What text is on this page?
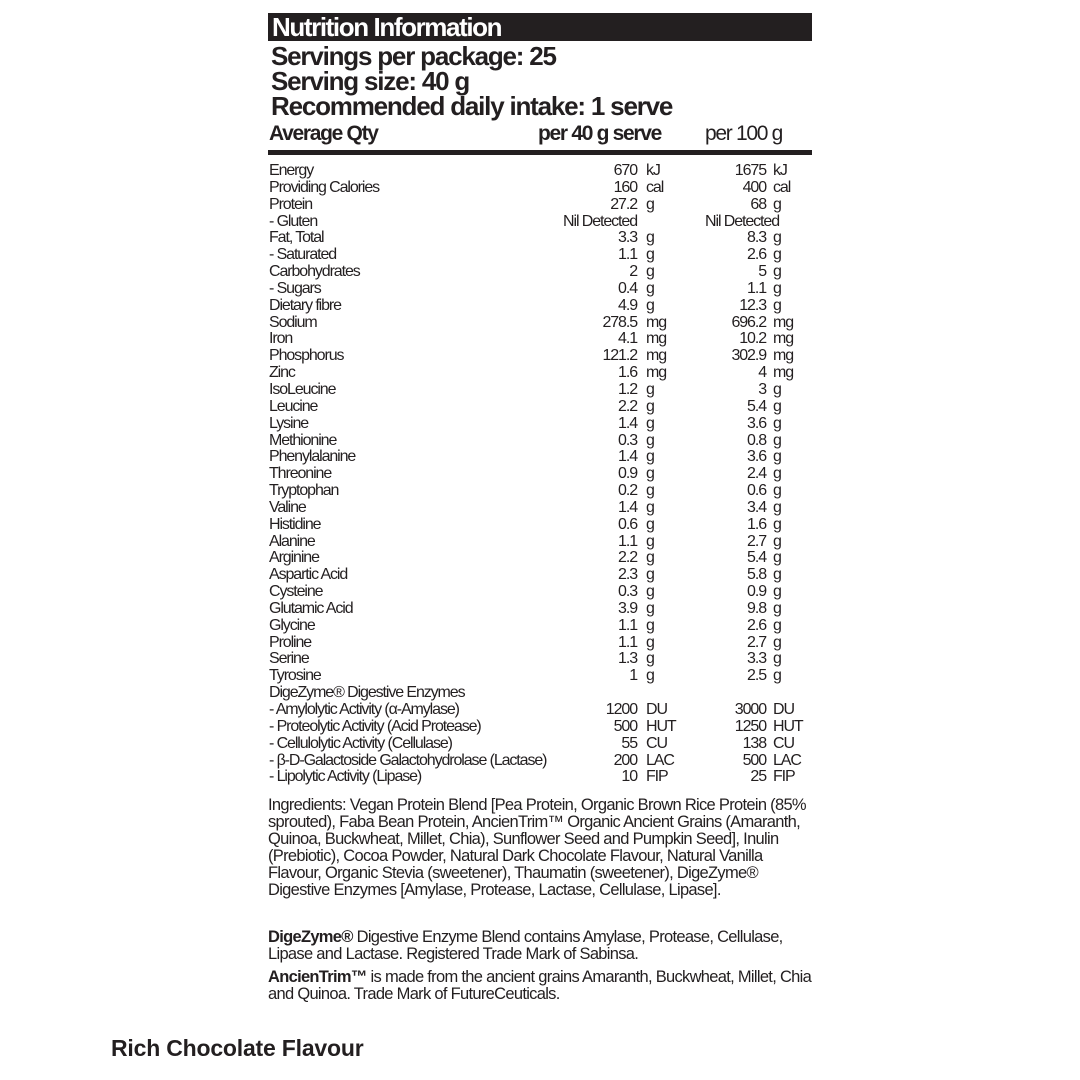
Nutrition Information
Servings per package: 25
Serving size: 40 g
Recommended daily intake: 1 serve
Average Qty	per 40 g serve per 100 g
Energy	670 kJ	1675 kJ
Providing Calories	160 cal	400 cal
Protein	27.2 g	68 g
- Gluten	Nil Detected	Nil Detected
Fat, Total	3.3 g	8.3 g
- Saturated	1.1 g	2.6 g
Carbohydrates	2 g	5 g
- Sugars	0.4 g	1.1 g
Dietary fibre	4.9 g	12.3 g
Sodium	278.5 mg	696.2 mg
Iron	4.1 mg	10.2 mg
Phosphorus	121.2 mg	302.9 mg
Zinc	1.6 mg	4 mg
IsoLeucine	1.2 g	3 g
Leucine	2.2 g	5.4 g
Lysine	1.4 g	3.6 g
Methionine	0.3 g	0.8 g
Phenylalanine	1.4 g	3.6 g
Threonine	0.9 g	2.4 g
Tryptophan	0.2 g	0.6 g
Valine	1.4 g	3.4 g
Histidine	0.6 g	1.6 g
Alanine	1.1 g	2.7 g
Arginine	2.2 g	5.4 g
Aspartic Acid	2.3 g	5.8 g
Cysteine	0.3 g	0.9 g
Glutamic Acid	3.9 g	9.8 g
Glycine	1.1 g	2.6 g
Proline	1.1 g	2.7 g
Serine	1.3 g	3.3 g
Tyrosine	1 g	2.5 g
DigeZyme® Digestive Enzymes
- Amylolytic Activity (α-Amylase)	1200 DU	3000 DU
- Proteolytic Activity (Acid Protease)	500 HUT	1250 HUT
- Cellulolytic Activity (Cellulase)	55 CU	138 CU
- β-D-Galactoside Galactohydrolase (Lactase)	200 LAC	500 LAC
- Lipolytic Activity (Lipase)	10 FIP	25 FIP

Ingredients: Vegan Protein Blend [Pea Protein, Organic Brown Rice Protein (85% sprouted), Faba Bean Protein, AncienTrim™ Organic Ancient Grains (Amaranth, Quinoa, Buckwheat, Millet, Chia), Sunflower Seed and Pumpkin Seed], Inulin (Prebiotic), Cocoa Powder, Natural Dark Chocolate Flavour, Natural Vanilla Flavour, Organic Stevia (sweetener), Thaumatin (sweetener), DigeZyme® Digestive Enzymes [Amylase, Protease, Lactase, Cellulase, Lipase].

DigeZyme® Digestive Enzyme Blend contains Amylase, Protease, Cellulase, Lipase and Lactase. Registered Trade Mark of Sabinsa.

AncienTrim™ is made from the ancient grains Amaranth, Buckwheat, Millet, Chia and Quinoa. Trade Mark of FutureCeuticals.

Rich Chocolate Flavour
